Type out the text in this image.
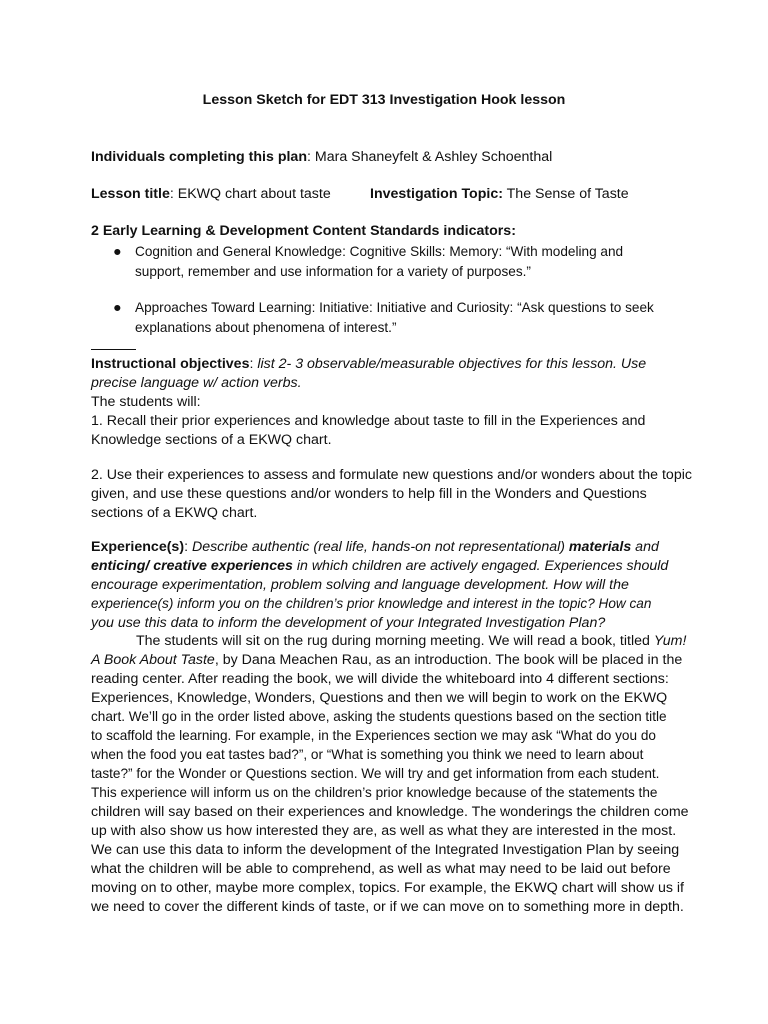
Lesson Sketch for EDT 313 Investigation Hook lesson
Individuals completing this plan: Mara Shaneyfelt & Ashley Schoenthal
Lesson title: EKWQ chart about taste	Investigation Topic: The Sense of Taste
2 Early Learning & Development Content Standards indicators:
● Cognition and General Knowledge: Cognitive Skills: Memory: “With modeling and
support, remember and use information for a variety of purposes.”
● Approaches Toward Learning: Initiative: Initiative and Curiosity: “Ask questions to seek
explanations about phenomena of interest.”
Instructional objectives: list 2- 3 observable/measurable objectives for this lesson. Use
precise language w/ action verbs.
The students will:
1. Recall their prior experiences and knowledge about taste to fill in the Experiences and
Knowledge sections of a EKWQ chart.
2. Use their experiences to assess and formulate new questions and/or wonders about the topic
given, and use these questions and/or wonders to help fill in the Wonders and Questions
sections of a EKWQ chart.
Experience(s): Describe authentic (real life, hands-on not representational) materials and
enticing/ creative experiences in which children are actively engaged. Experiences should
encourage experimentation, problem solving and language development. How will the
experience(s) inform you on the children’s prior knowledge and interest in the topic? How can
you use this data to inform the development of your Integrated Investigation Plan?
The students will sit on the rug during morning meeting. We will read a book, titled Yum!
A Book About Taste, by Dana Meachen Rau, as an introduction. The book will be placed in the
reading center. After reading the book, we will divide the whiteboard into 4 different sections:
Experiences, Knowledge, Wonders, Questions and then we will begin to work on the EKWQ
chart. We’ll go in the order listed above, asking the students questions based on the section title
to scaffold the learning. For example, in the Experiences section we may ask “What do you do
when the food you eat tastes bad?”, or “What is something you think we need to learn about
taste?” for the Wonder or Questions section. We will try and get information from each student.
This experience will inform us on the children’s prior knowledge because of the statements the
children will say based on their experiences and knowledge. The wonderings the children come
up with also show us how interested they are, as well as what they are interested in the most.
We can use this data to inform the development of the Integrated Investigation Plan by seeing
what the children will be able to comprehend, as well as what may need to be laid out before
moving on to other, maybe more complex, topics. For example, the EKWQ chart will show us if
we need to cover the different kinds of taste, or if we can move on to something more in depth.
